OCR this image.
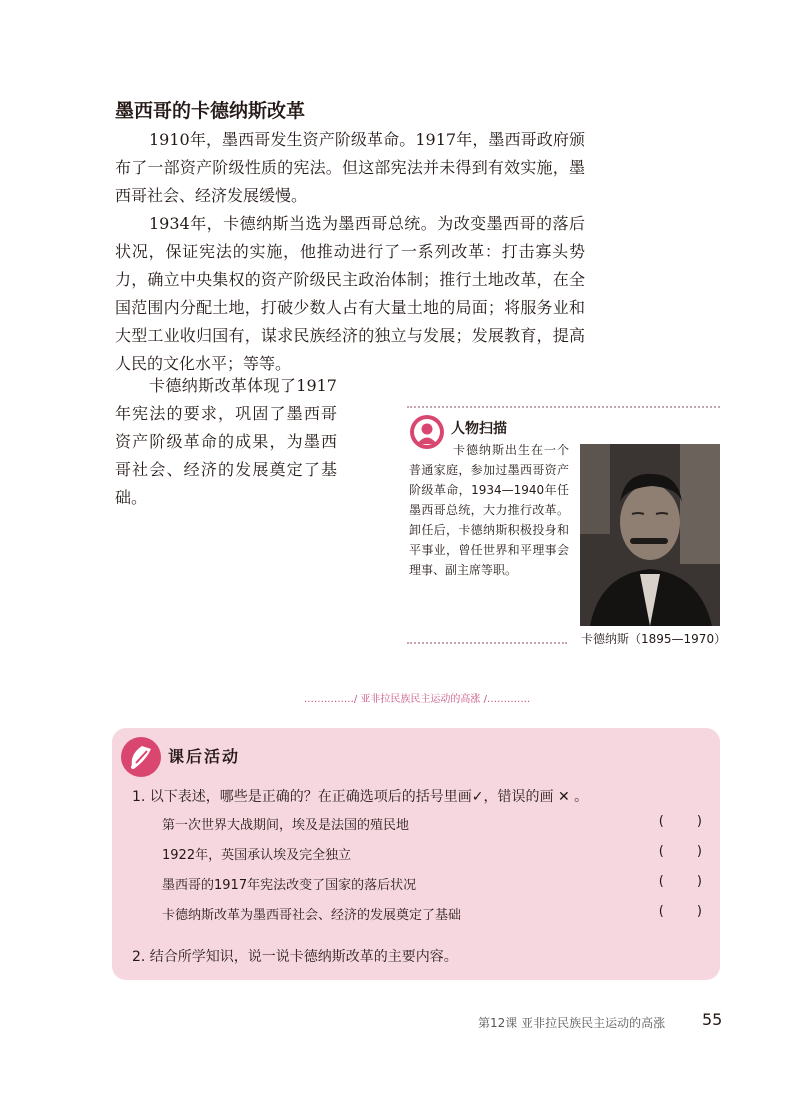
墨西哥的卡德纳斯改革

1910年，墨西哥发生资产阶级革命。1917年，墨西哥政府颁布了一部资产阶级性质的宪法。但这部宪法并未得到有效实施，墨西哥社会、经济发展缓慢。

1934年，卡德纳斯当选为墨西哥总统。为改变墨西哥的落后状况，保证宪法的实施，他推动进行了一系列改革：打击寡头势力，确立中央集权的资产阶级民主政治体制；推行土地改革，在全国范围内分配土地，打破少数人占有大量土地的局面；将服务业和大型工业收归国有，谋求民族经济的独立与发展；发展教育，提高人民的文化水平；等等。

卡德纳斯改革体现了1917年宪法的要求，巩固了墨西哥资产阶级革命的成果，为墨西哥社会、经济的发展奠定了基础。

人物扫描

卡德纳斯出生在一个普通家庭，参加过墨西哥资产阶级革命，1934—1940年任墨西哥总统，大力推行改革。卸任后，卡德纳斯积极投身和平事业，曾任世界和平理事会理事、副主席等职。

卡德纳斯（1895—1970）
……………/ 亚非拉民族民主运动的高涨 /………….
课后活动
1. 以下表述，哪些是正确的？在正确选项后的括号里画✓，错误的画 ✕ 。
第一次世界大战期间，埃及是法国的殖民地	(        )
1922年，英国承认埃及完全独立	(        )
墨西哥的1917年宪法改变了国家的落后状况	(        )
卡德纳斯改革为墨西哥社会、经济的发展奠定了基础	(        )
2. 结合所学知识，说一说卡德纳斯改革的主要内容。
第12课 亚非拉民族民主运动的高涨 55
